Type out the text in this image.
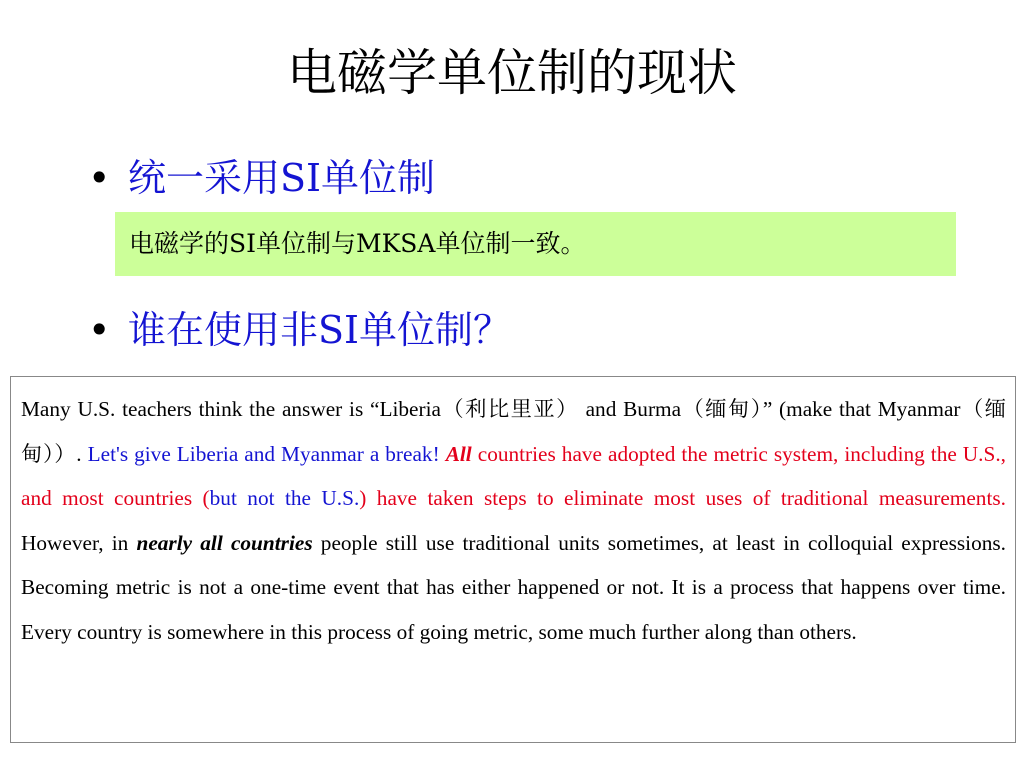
电磁学单位制的现状
• 统一采用SI单位制
电磁学的SI单位制与MKSA单位制一致。
• 谁在使用非SI单位制？
Many U.S. teachers think the answer is “Liberia（利比里亚） and Burma（缅甸）” (make that Myanmar（缅甸））. Let's give Liberia and Myanmar a break! All countries have adopted the metric system, including the U.S., and most countries (but not the U.S.) have taken steps to eliminate most uses of traditional measurements. However, in nearly all countries people still use traditional units sometimes, at least in colloquial expressions. Becoming metric is not a one-time event that has either happened or not. It is a process that happens over time. Every country is somewhere in this process of going metric, some much further along than others.
